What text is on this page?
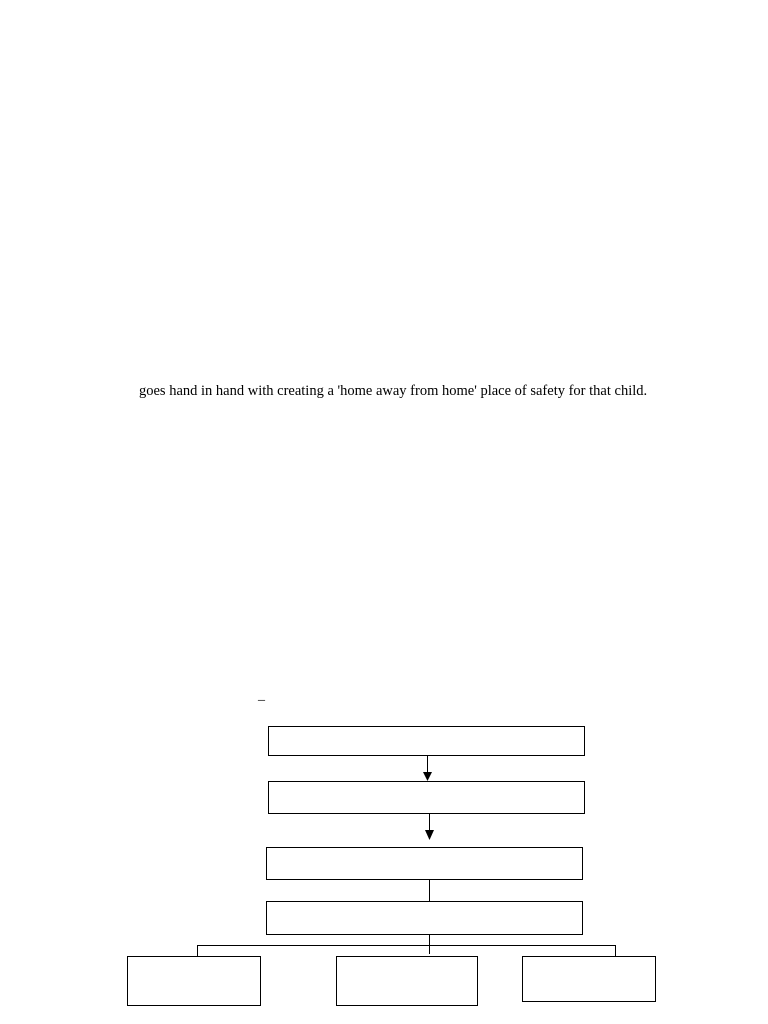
goes hand in hand with creating a 'home away from home' place of safety for that child.

_
